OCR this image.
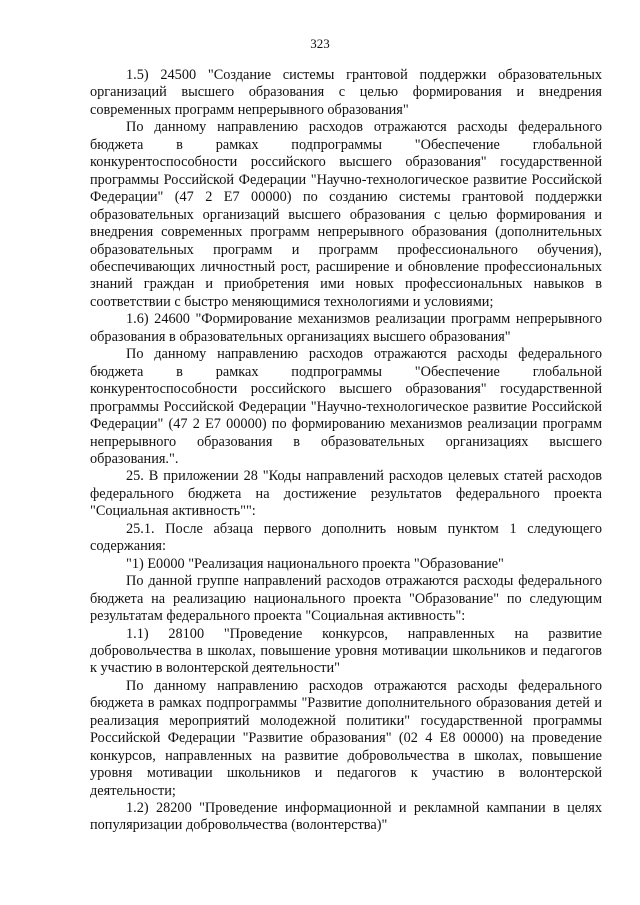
323

1.5) 24500 "Создание системы грантовой поддержки образовательных организаций высшего образования с целью формирования и внедрения современных программ непрерывного образования"

По данному направлению расходов отражаются расходы федерального бюджета в рамках подпрограммы "Обеспечение глобальной конкурентоспособности российского высшего образования" государственной программы Российской Федерации "Научно-технологическое развитие Российской Федерации" (47 2 E7 00000) по созданию системы грантовой поддержки образовательных организаций высшего образования с целью формирования и внедрения современных программ непрерывного образования (дополнительных образовательных программ и программ профессионального обучения), обеспечивающих личностный рост, расширение и обновление профессиональных знаний граждан и приобретения ими новых профессиональных навыков в соответствии с быстро меняющимися технологиями и условиями;

1.6) 24600 "Формирование механизмов реализации программ непрерывного образования в образовательных организациях высшего образования"

По данному направлению расходов отражаются расходы федерального бюджета в рамках подпрограммы "Обеспечение глобальной конкурентоспособности российского высшего образования" государственной программы Российской Федерации "Научно-технологическое развитие Российской Федерации" (47 2 E7 00000) по формированию механизмов реализации программ непрерывного образования в образовательных организациях высшего образования.".

25. В приложении 28 "Коды направлений расходов целевых статей расходов федерального бюджета на достижение результатов федерального проекта "Социальная активность"":

25.1. После абзаца первого дополнить новым пунктом 1 следующего содержания:

"1) E0000 "Реализация национального проекта "Образование"

По данной группе направлений расходов отражаются расходы федерального бюджета на реализацию национального проекта "Образование" по следующим результатам федерального проекта "Социальная активность":

1.1) 28100 "Проведение конкурсов, направленных на развитие добровольчества в школах, повышение уровня мотивации школьников и педагогов к участию в волонтерской деятельности"

По данному направлению расходов отражаются расходы федерального бюджета в рамках подпрограммы "Развитие дополнительного образования детей и реализация мероприятий молодежной политики" государственной программы Российской Федерации "Развитие образования" (02 4 E8 00000) на проведение конкурсов, направленных на развитие добровольчества в школах, повышение уровня мотивации школьников и педагогов к участию в волонтерской деятельности;

1.2) 28200 "Проведение информационной и рекламной кампании в целях популяризации добровольчества (волонтерства)"
